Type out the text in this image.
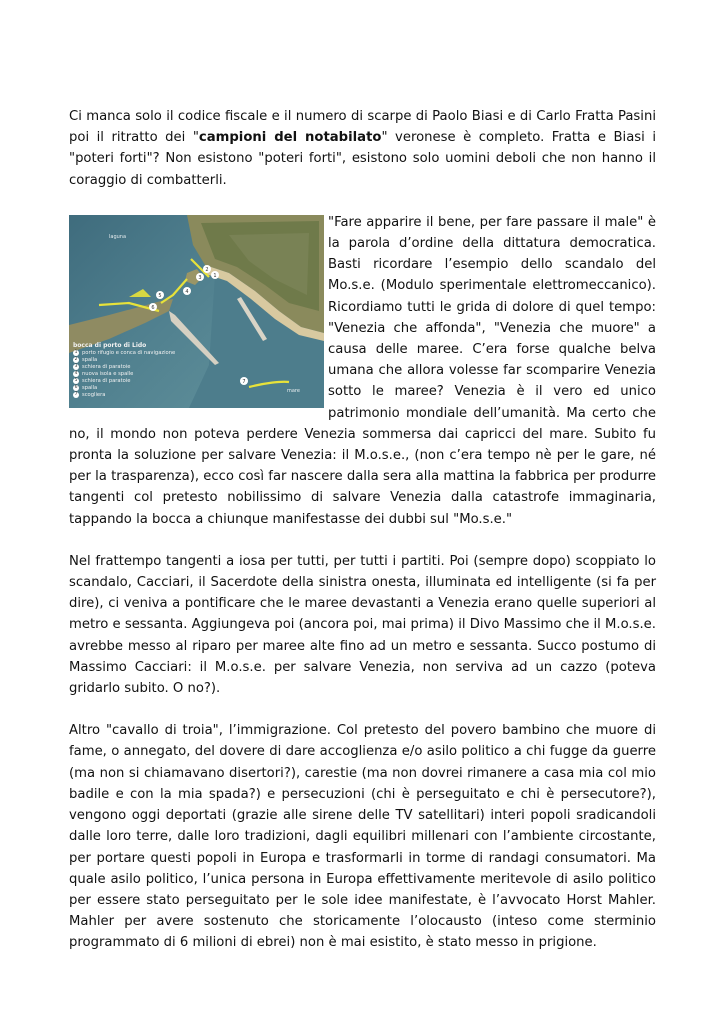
Ci manca solo il codice fiscale e il numero di scarpe di Paolo Biasi e di Carlo Fratta Pasini poi il ritratto dei "campioni del notabilato" veronese è completo. Fratta e Biasi i "poteri forti"? Non esistono "poteri forti", esistono solo uomini deboli che non hanno il coraggio di combatterli.

2
3 1
4
5
6
7
laguna
mare
bocca di porto di Lido
1 porto rifugio e conca di navigazione
2 spalla
3 schiera di paratoie
4 nuova isola e spalle
5 schiera di paratoie
6 spalla
7 scogliera

"Fare apparire il bene, per fare passare il male" è la parola d’ordine della dittatura democratica. Basti ricordare l’esempio dello scandalo del Mo.s.e. (Modulo sperimentale elettromeccanico). Ricordiamo tutti le grida di dolore di quel tempo: "Venezia che affonda", "Venezia che muore" a causa delle maree. C’era forse qualche belva umana che allora volesse far scomparire Venezia sotto le maree? Venezia è il vero ed unico patrimonio mondiale dell’umanità. Ma certo che no, il mondo non poteva perdere Venezia sommersa dai capricci del mare. Subito fu pronta la soluzione per salvare Venezia: il M.o.s.e., (non c’era tempo nè per le gare, né per la trasparenza), ecco così far nascere dalla sera alla mattina la fabbrica per produrre tangenti col pretesto nobilissimo di salvare Venezia dalla catastrofe immaginaria, tappando la bocca a chiunque manifestasse dei dubbi sul "Mo.s.e."

Nel frattempo tangenti a iosa per tutti, per tutti i partiti. Poi (sempre dopo) scoppiato lo scandalo, Cacciari, il Sacerdote della sinistra onesta, illuminata ed intelligente (si fa per dire), ci veniva a pontificare che le maree devastanti a Venezia erano quelle superiori al metro e sessanta. Aggiungeva poi (ancora poi, mai prima) il Divo Massimo che il M.o.s.e. avrebbe messo al riparo per maree alte fino ad un metro e sessanta. Succo postumo di Massimo Cacciari: il M.o.s.e. per salvare Venezia, non serviva ad un cazzo (poteva gridarlo subito. O no?).

Altro "cavallo di troia", l’immigrazione. Col pretesto del povero bambino che muore di fame, o annegato, del dovere di dare accoglienza e/o asilo politico a chi fugge da guerre (ma non si chiamavano disertori?), carestie (ma non dovrei rimanere a casa mia col mio badile e con la mia spada?) e persecuzioni (chi è perseguitato e chi è persecutore?), vengono oggi deportati (grazie alle sirene delle TV satellitari) interi popoli sradicandoli dalle loro terre, dalle loro tradizioni, dagli equilibri millenari con l’ambiente circostante, per portare questi popoli in Europa e trasformarli in torme di randagi consumatori. Ma quale asilo politico, l’unica persona in Europa effettivamente meritevole di asilo politico per essere stato perseguitato per le sole idee manifestate, è l’avvocato Horst Mahler. Mahler per avere sostenuto che storicamente l’olocausto (inteso come sterminio programmato di 6 milioni di ebrei) non è mai esistito, è stato messo in prigione.
